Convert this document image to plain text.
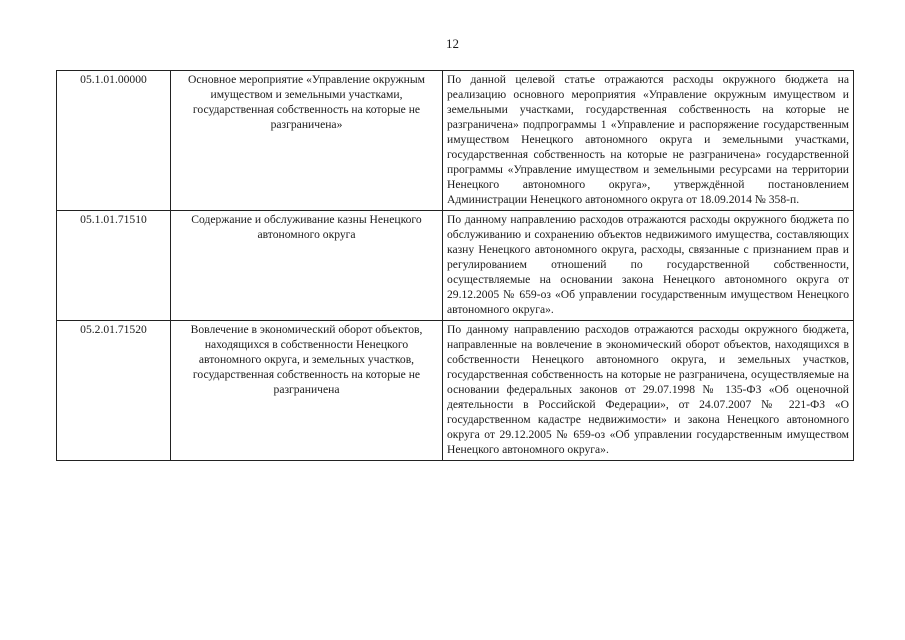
12
05.1.01.00000	Основное мероприятие «Управление окружным имуществом и земельными участками, государственная собственность на которые не разграничена»	По данной целевой статье отражаются расходы окружного бюджета на реализацию основного мероприятия «Управление окружным имуществом и земельными участками, государственная собственность на которые не разграничена» подпрограммы 1 «Управление и распоряжение государственным имуществом Ненецкого автономного округа и земельными участками, государственная собственность на которые не разграничена» государственной программы «Управление имуществом и земельными ресурсами на территории Ненецкого автономного округа», утверждённой постановлением Администрации Ненецкого автономного округа от 18.09.2014 № 358-п.
05.1.01.71510	Содержание и обслуживание казны Ненецкого автономного округа	По данному направлению расходов отражаются расходы окружного бюджета по обслуживанию и сохранению объектов недвижимого имущества, составляющих казну Ненецкого автономного округа, расходы, связанные с признанием прав и регулированием отношений по государственной собственности, осуществляемые на основании закона Ненецкого автономного округа от 29.12.2005 № 659-оз «Об управлении государственным имуществом Ненецкого автономного округа».
05.2.01.71520	Вовлечение в экономический оборот объектов, находящихся в собственности Ненецкого автономного округа, и земельных участков, государственная собственность на которые не разграничена	По данному направлению расходов отражаются расходы окружного бюджета, направленные на вовлечение в экономический оборот объектов, находящихся в собственности Ненецкого автономного округа, и земельных участков, государственная собственность на которые не разграничена, осуществляемые на основании федеральных законов от 29.07.1998 № 135-ФЗ «Об оценочной деятельности в Российской Федерации», от 24.07.2007 № 221-ФЗ «О государственном кадастре недвижимости» и закона Ненецкого автономного округа от 29.12.2005 № 659-оз «Об управлении государственным имуществом Ненецкого автономного округа».
